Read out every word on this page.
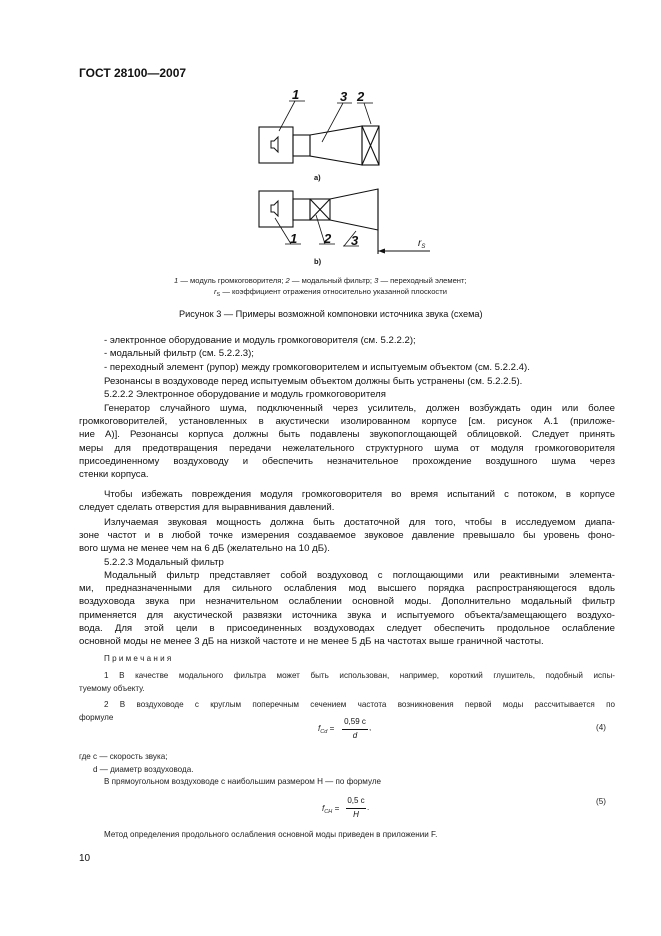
ГОСТ 28100—2007
1	3 2
1 2 3
a)
b)
$r_S$
1 — модуль громкоговорителя; 2 — модальный фильтр; 3 — переходный элемент;
$r_S$ — коэффициент отражения относительно указанной плоскости
Рисунок 3 — Примеры возможной компоновки источника звука (схема)
- электронное оборудование и модуль громкоговорителя (см. 5.2.2.2);
- модальный фильтр (см. 5.2.2.3);
- переходный элемент (рупор) между громкоговорителем и испытуемым объектом (см. 5.2.2.4).
Резонансы в воздуховоде перед испытуемым объектом должны быть устранены (см. 5.2.2.5).
5.2.2.2 Электронное оборудование и модуль громкоговорителя
Генератор случайного шума, подключенный через усилитель, должен возбуждать один или более
громкоговорителей, установленных в акустически изолированном корпусе [см. рисунок А.1 (приложе-
ние А)]. Резонансы корпуса должны быть подавлены звукопоглощающей облицовкой. Следует принять
меры для предотвращения передачи нежелательного структурного шума от модуля громкоговорителя
присоединенному воздуховоду и обеспечить незначительное прохождение воздушного шума через
стенки корпуса.
Чтобы избежать повреждения модуля громкоговорителя во время испытаний с потоком, в корпусе
следует сделать отверстия для выравнивания давлений.
Излучаемая звуковая мощность должна быть достаточной для того, чтобы в исследуемом диапа-
зоне частот и в любой точке измерения создаваемое звуковое давление превышало бы уровень фоно-
вого шума не менее чем на 6 дБ (желательно на 10 дБ).
5.2.2.3 Модальный фильтр
Модальный фильтр представляет собой воздуховод с поглощающими или реактивными элемента-
ми, предназначенными для сильного ослабления мод высшего порядка распространяющегося вдоль
воздуховода звука при незначительном ослаблении основной моды. Дополнительно модальный фильтр
применяется для акустической развязки источника звука и испытуемого объекта/замещающего воздухо-
вода. Для этой цели в присоединенных воздуховодах следует обеспечить продольное ослабление
основной моды не менее 3 дБ на низкой частоте и не менее 5 дБ на частотах выше граничной частоты.
П р и м е ч а н и я
1 В качестве модального фильтра может быть использован, например, короткий глушитель, подобный испы-
туемому объекту.
2 В воздуховоде с круглым поперечным сечением частота возникновения первой моды рассчитывается по
формуле
$f_{Cd}$ =
0,59 c
d
,	(4)
где c — скорость звука;
d — диаметр воздуховода.
В прямоугольном воздуховоде с наибольшим размером H — по формуле
$f_{CH}$ =
0,5 c
H
.
(5)
Метод определения продольного ослабления основной моды приведен в приложении F.
10
